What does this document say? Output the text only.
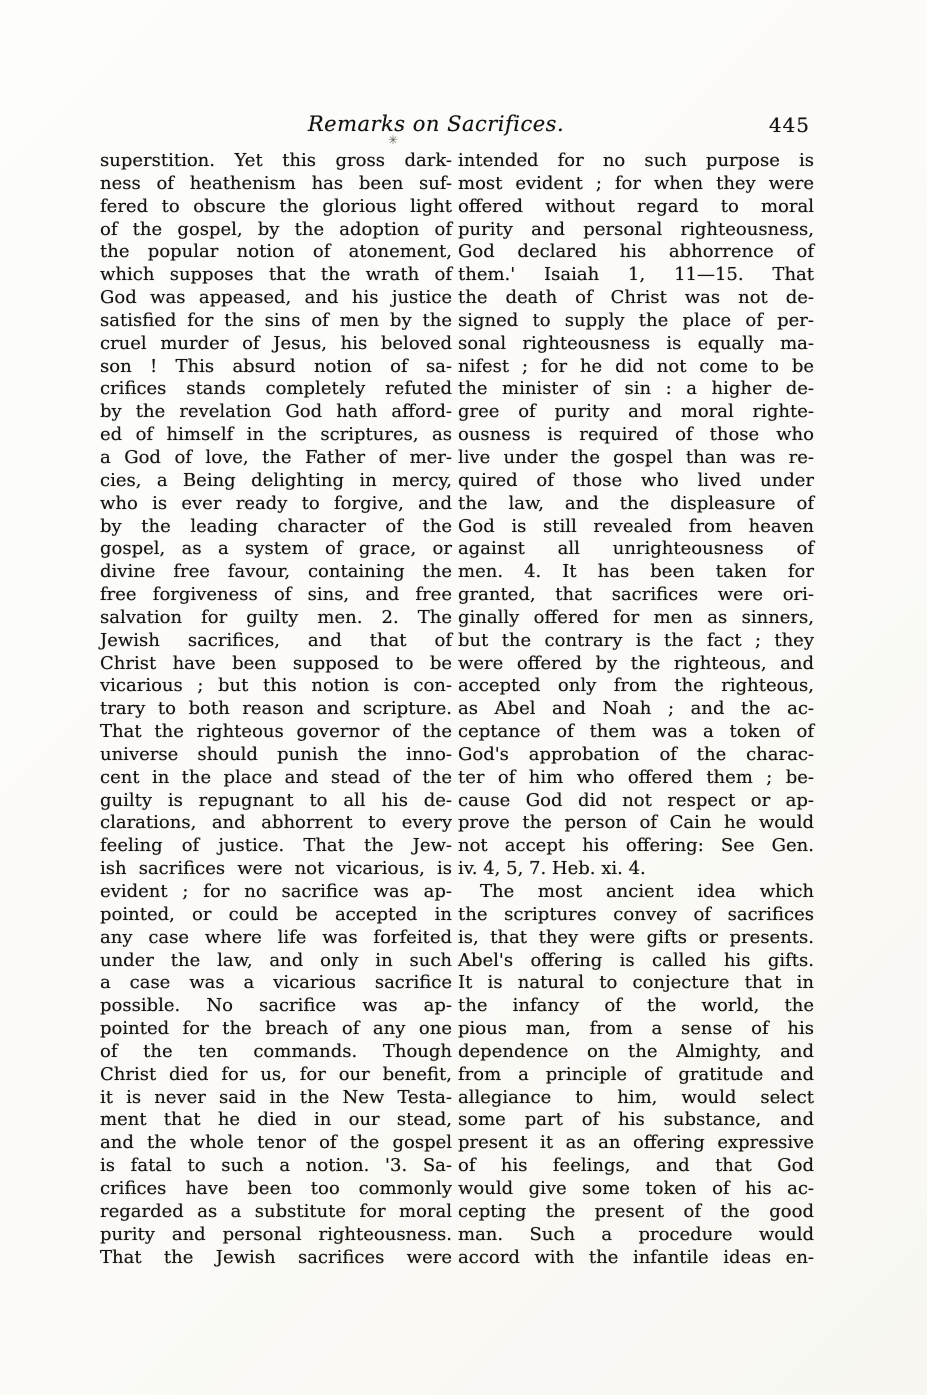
Remarks on Sacrifices.	445
✳
superstition. Yet this gross dark-
ness of heathenism has been suf-
fered to obscure the glorious light
of the gospel, by the adoption of
the popular notion of atonement,
which supposes that the wrath of
God was appeased, and his justice
satisfied for the sins of men by the
cruel murder of Jesus, his beloved
son ! This absurd notion of sa-
crifices stands completely refuted
by the revelation God hath afford-
ed of himself in the scriptures, as
a God of love, the Father of mer-
cies, a Being delighting in mercy,
who is ever ready to forgive, and
by the leading character of the
gospel, as a system of grace, or
divine free favour, containing the
free forgiveness of sins, and free
salvation for guilty men. 2. The
Jewish sacrifices, and that of
Christ have been supposed to be
vicarious ; but this notion is con-
trary to both reason and scripture.
That the righteous governor of the
universe should punish the inno-
cent in the place and stead of the
guilty is repugnant to all his de-
clarations, and abhorrent to every
feeling of justice. That the Jew-
ish sacrifices were not vicarious, is
evident ; for no sacrifice was ap-
pointed, or could be accepted in
any case where life was forfeited
under the law, and only in such
a case was a vicarious sacrifice
possible. No sacrifice was ap-
pointed for the breach of any one
of the ten commands. Though
Christ died for us, for our benefit,
it is never said in the New Testa-
ment that he died in our stead,
and the whole tenor of the gospel
is fatal to such a notion. '3. Sa-
crifices have been too commonly
regarded as a substitute for moral
purity and personal righteousness.
That the Jewish sacrifices were
intended for no such purpose is
most evident ; for when they were
offered without regard to moral
purity and personal righteousness,
God declared his abhorrence of
them.' Isaiah 1, 11—15. That
the death of Christ was not de-
signed to supply the place of per-
sonal righteousness is equally ma-
nifest ; for he did not come to be
the minister of sin : a higher de-
gree of purity and moral righte-
ousness is required of those who
live under the gospel than was re-
quired of those who lived under
the law, and the displeasure of
God is still revealed from heaven
against all unrighteousness of
men. 4. It has been taken for
granted, that sacrifices were ori-
ginally offered for men as sinners,
but the contrary is the fact ; they
were offered by the righteous, and
accepted only from the righteous,
as Abel and Noah ; and the ac-
ceptance of them was a token of
God's approbation of the charac-
ter of him who offered them ; be-
cause God did not respect or ap-
prove the person of Cain he would
not accept his offering: See Gen.
iv. 4, 5, 7. Heb. xi. 4.
The most ancient idea which
the scriptures convey of sacrifices
is, that they were gifts or presents.
Abel's offering is called his gifts.
It is natural to conjecture that in
the infancy of the world, the
pious man, from a sense of his
dependence on the Almighty, and
from a principle of gratitude and
allegiance to him, would select
some part of his substance, and
present it as an offering expressive
of his feelings, and that God
would give some token of his ac-
cepting the present of the good
man. Such a procedure would
accord with the infantile ideas en-
